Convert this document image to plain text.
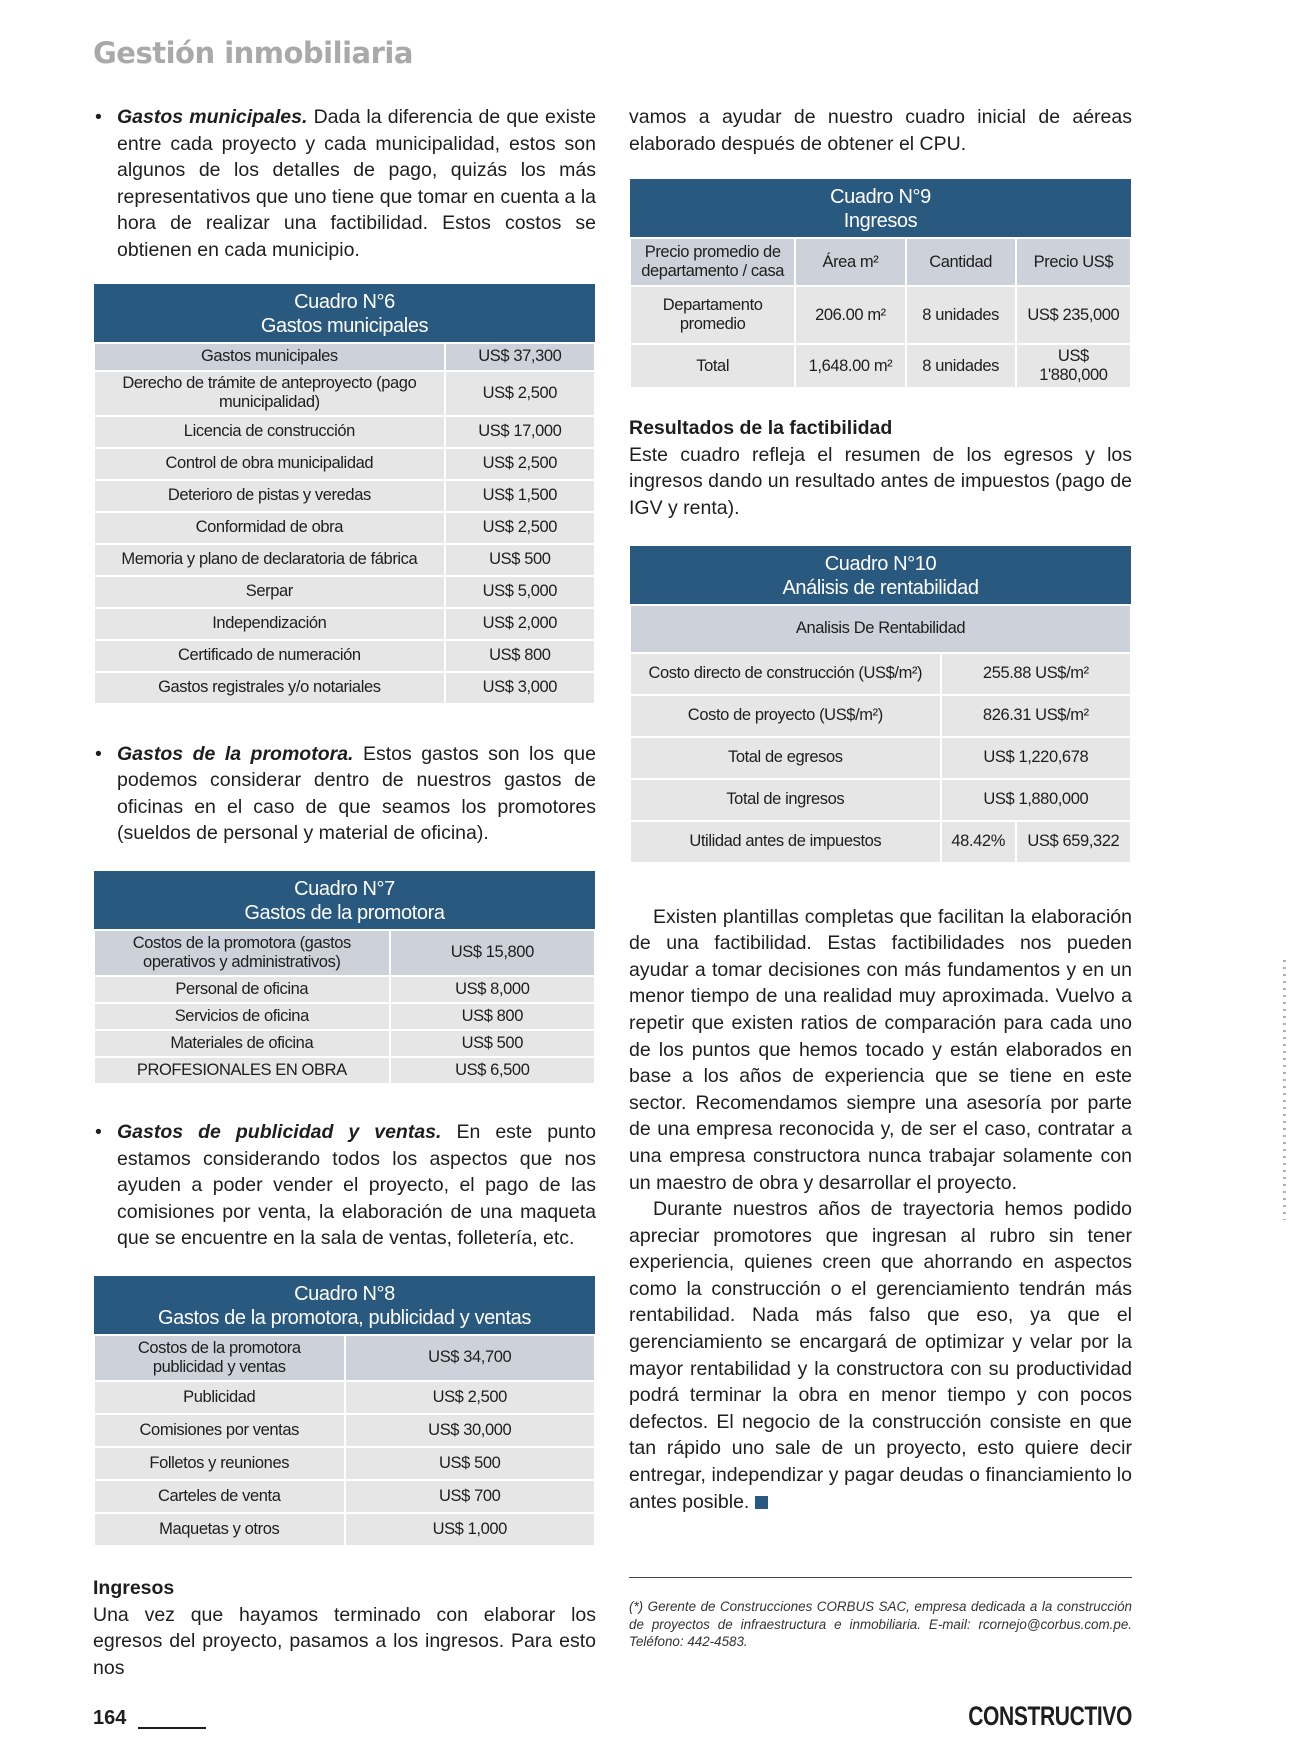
Gestión inmobiliaria

• Gastos municipales. Dada la diferencia de que existe entre cada proyecto y cada municipalidad, estos son algunos de los detalles de pago, quizás los más representativos que uno tiene que tomar en cuenta a la hora de realizar una factibilidad. Estos costos se obtienen en cada municipio.

Cuadro N°6
Gastos municipales	
Gastos municipales	US$ 37,300
Derecho de trámite de anteproyecto (pago municipalidad)	US$ 2,500
Licencia de construcción	US$ 17,000
Control de obra municipalidad	US$ 2,500
Deterioro de pistas y veredas	US$ 1,500
Conformidad de obra	US$ 2,500
Memoria y plano de declaratoria de fábrica	US$ 500
Serpar	US$ 5,000
Independización	US$ 2,000
Certificado de numeración	US$ 800
Gastos registrales y/o notariales	US$ 3,000

• Gastos de la promotora. Estos gastos son los que podemos considerar dentro de nuestros gastos de oficinas en el caso de que seamos los promotores (sueldos de personal y material de oficina).

Cuadro N°7
Gastos de la promotora	
Costos de la promotora (gastos operativos y administrativos)	US$ 15,800
Personal de oficina	US$ 8,000
Servicios de oficina	US$ 800
Materiales de oficina	US$ 500
PROFESIONALES EN OBRA	US$ 6,500

• Gastos de publicidad y ventas. En este punto estamos considerando todos los aspectos que nos ayuden a poder vender el proyecto, el pago de las comisiones por venta, la elaboración de una maqueta que se encuentre en la sala de ventas, folletería, etc.

Cuadro N°8
Gastos de la promotora, publicidad y ventas	
Costos de la promotora publicidad y ventas	US$ 34,700
Publicidad	US$ 2,500
Comisiones por ventas	US$ 30,000
Folletos y reuniones	US$ 500
Carteles de venta	US$ 700
Maquetas y otros	US$ 1,000

Ingresos

Una vez que hayamos terminado con elaborar los egresos del proyecto, pasamos a los ingresos. Para esto nos

vamos a ayudar de nuestro cuadro inicial de aéreas elaborado después de obtener el CPU.

Cuadro N°9
Ingresos			
Precio promedio de departamento / casa	Área m²	Cantidad	Precio US$
Departamento promedio	206.00 m²	8 unidades	US$ 235,000
Total	1,648.00 m²	8 unidades	US$ 1'880,000

Resultados de la factibilidad

Este cuadro refleja el resumen de los egresos y los ingresos dando un resultado antes de impuestos (pago de IGV y renta).

Cuadro N°10
Análisis de rentabilidad		
Analisis De Rentabilidad		
Costo directo de construcción (US$/m²)	255.88 US$/m²	
Costo de proyecto (US$/m²)	826.31 US$/m²	
Total de egresos	US$ 1,220,678	
Total de ingresos	US$ 1,880,000	
Utilidad antes de impuestos	48.42%	US$ 659,322

Existen plantillas completas que facilitan la elaboración de una factibilidad. Estas factibilidades nos pueden ayudar a tomar decisiones con más fundamentos y en un menor tiempo de una realidad muy aproximada. Vuelvo a repetir que existen ratios de comparación para cada uno de los puntos que hemos tocado y están elaborados en base a los años de experiencia que se tiene en este sector. Recomendamos siempre una asesoría por parte de una empresa reconocida y, de ser el caso, contratar a una empresa constructora nunca trabajar solamente con un maestro de obra y desarrollar el proyecto.

Durante nuestros años de trayectoria hemos podido apreciar promotores que ingresan al rubro sin tener experiencia, quienes creen que ahorrando en aspectos como la construcción o el gerenciamiento tendrán más rentabilidad. Nada más falso que eso, ya que el gerenciamiento se encargará de optimizar y velar por la mayor rentabilidad y la constructora con su productividad podrá terminar la obra en menor tiempo y con pocos defectos. El negocio de la construcción consiste en que tan rápido uno sale de un proyecto, esto quiere decir entregar, independizar y pagar deudas o financiamiento lo antes posible.

(*) Gerente de Construcciones CORBUS SAC, empresa dedicada a la construcción de proyectos de infraestructura e inmobiliaria. E-mail: rcornejo@corbus.com.pe. Teléfono: 442-4583.

164	CONSTRUCTIVO
